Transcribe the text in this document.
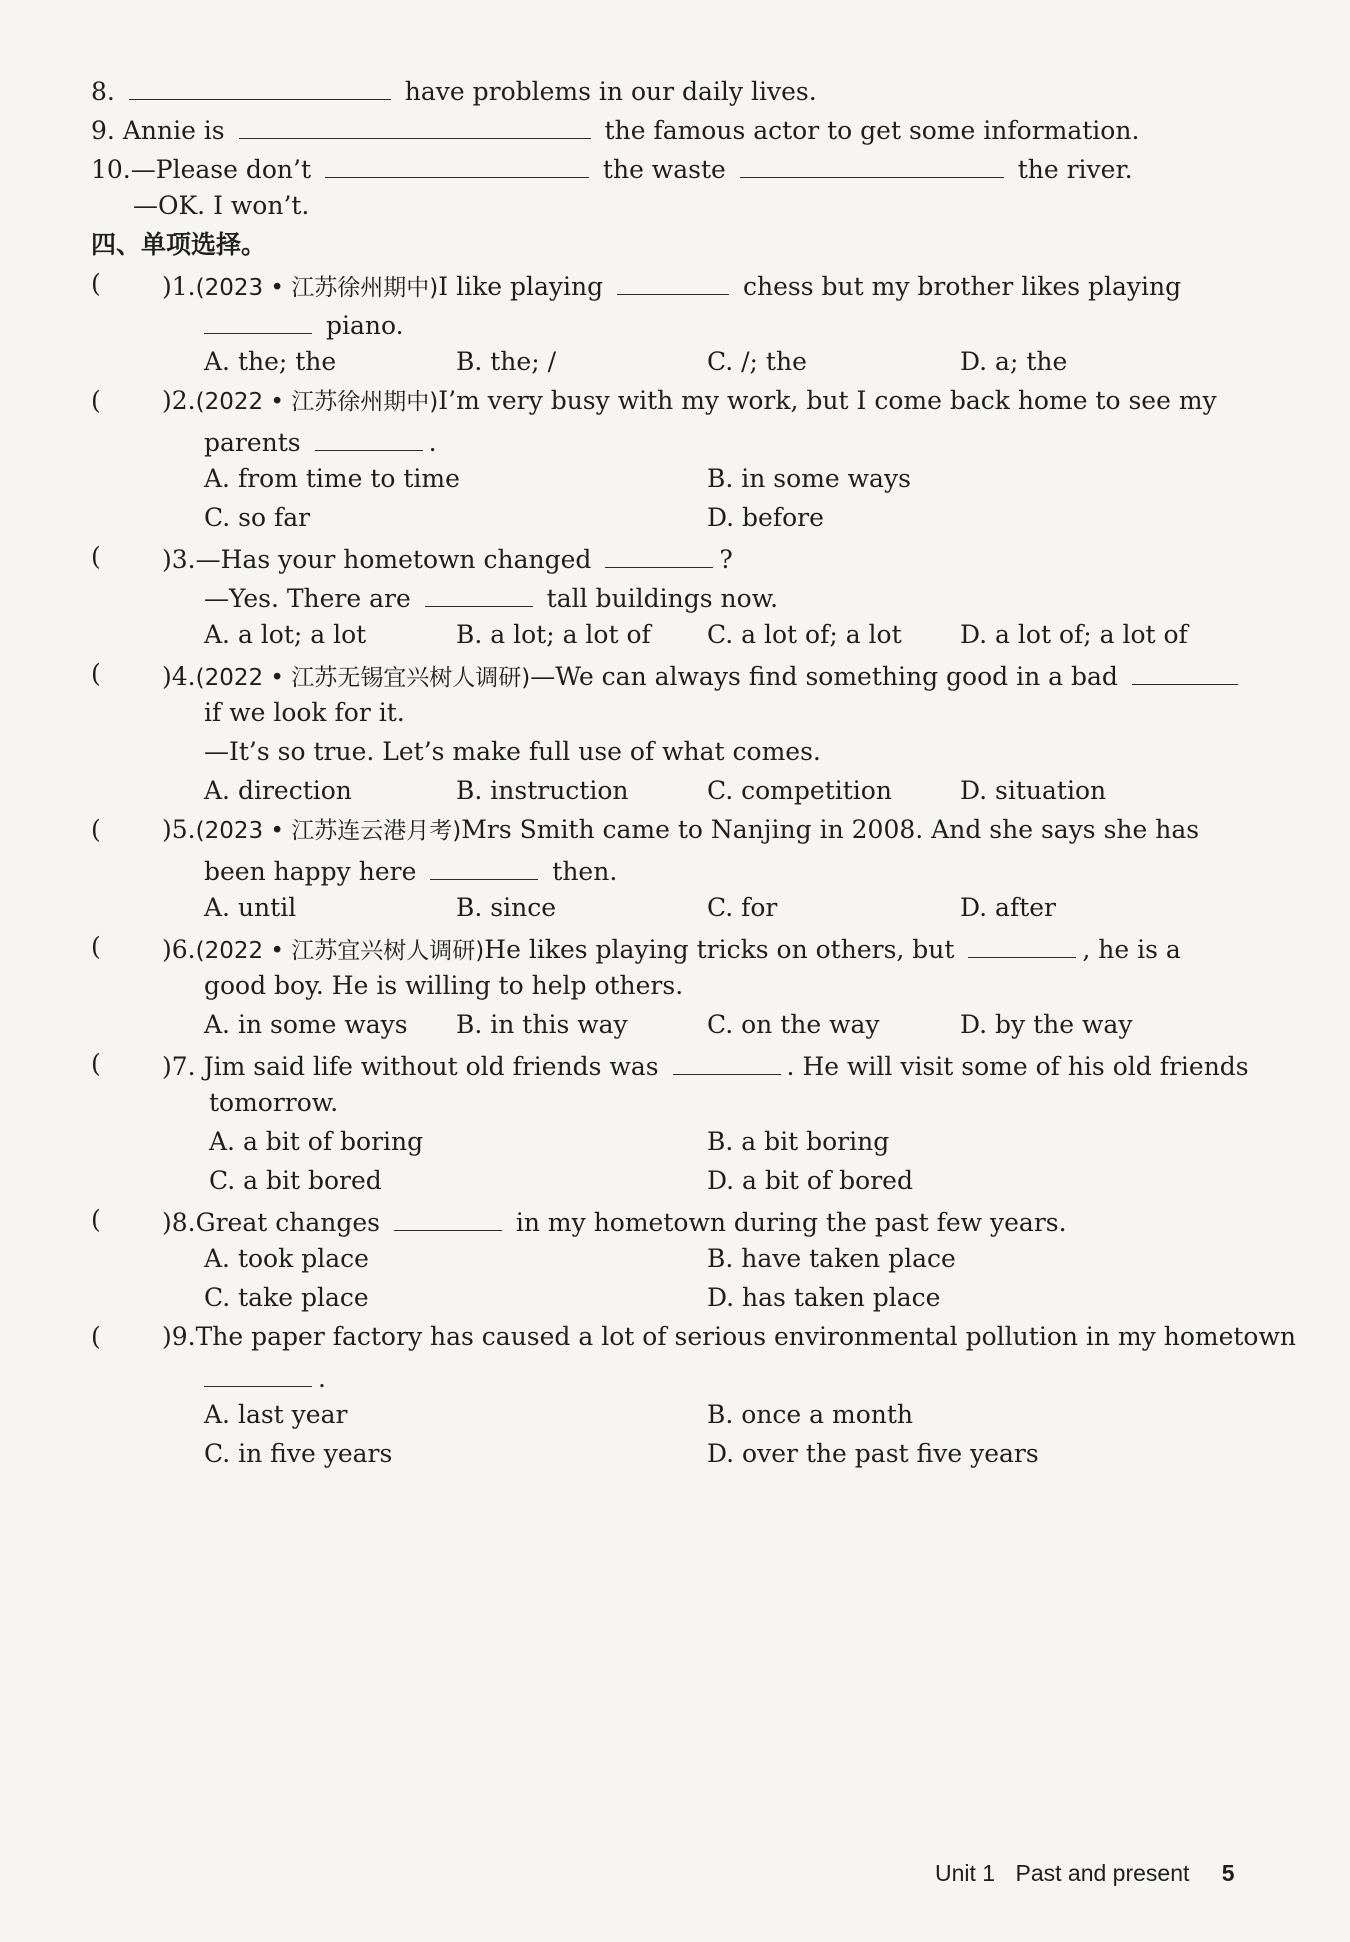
8.	have problems in our daily lives.
9. Annie is	the famous actor to get some information.
10.—Please don’t	the waste	the river.
—OK. I won’t.
四、单项选择。
( )1.(2023 • 江苏徐州期中)I like playing	chess but my brother likes playing
piano.
A. the; the	B. the; /	C. /; the	D. a; the
( )2.(2022 • 江苏徐州期中)I’m very busy with my work, but I come back home to see my
parents	.
A. from time to time	B. in some ways
C. so far	D. before
( )3.—Has your hometown changed	?
—Yes. There are	tall buildings now.
A. a lot; a lot	B. a lot; a lot of C. a lot of; a lot D. a lot of; a lot of
( )4.(2022 • 江苏无锡宜兴树人调研)—We can always find something good in a bad
if we look for it.
—It’s so true. Let’s make full use of what comes.
A. direction	B. instruction	C. competition	D. situation
( )5.(2023 • 江苏连云港月考)Mrs Smith came to Nanjing in 2008. And she says she has
been happy here	then.
A. until	B. since	C. for	D. after
( )6.(2022 • 江苏宜兴树人调研)He likes playing tricks on others, but	, he is a
good boy. He is willing to help others.
A. in some ways B. in this way	C. on the way	D. by the way
( )7. Jim said life without old friends was	. He will visit some of his old friends
tomorrow.
A. a bit of boring	B. a bit boring
C. a bit bored	D. a bit of bored
( )8.Great changes	in my hometown during the past few years.
A. took place	B. have taken place
C. take place	D. has taken place
( )9.The paper factory has caused a lot of serious environmental pollution in my hometown
.
A. last year	B. once a month
C. in five years	D. over the past five years
Unit 1 Past and present 5
